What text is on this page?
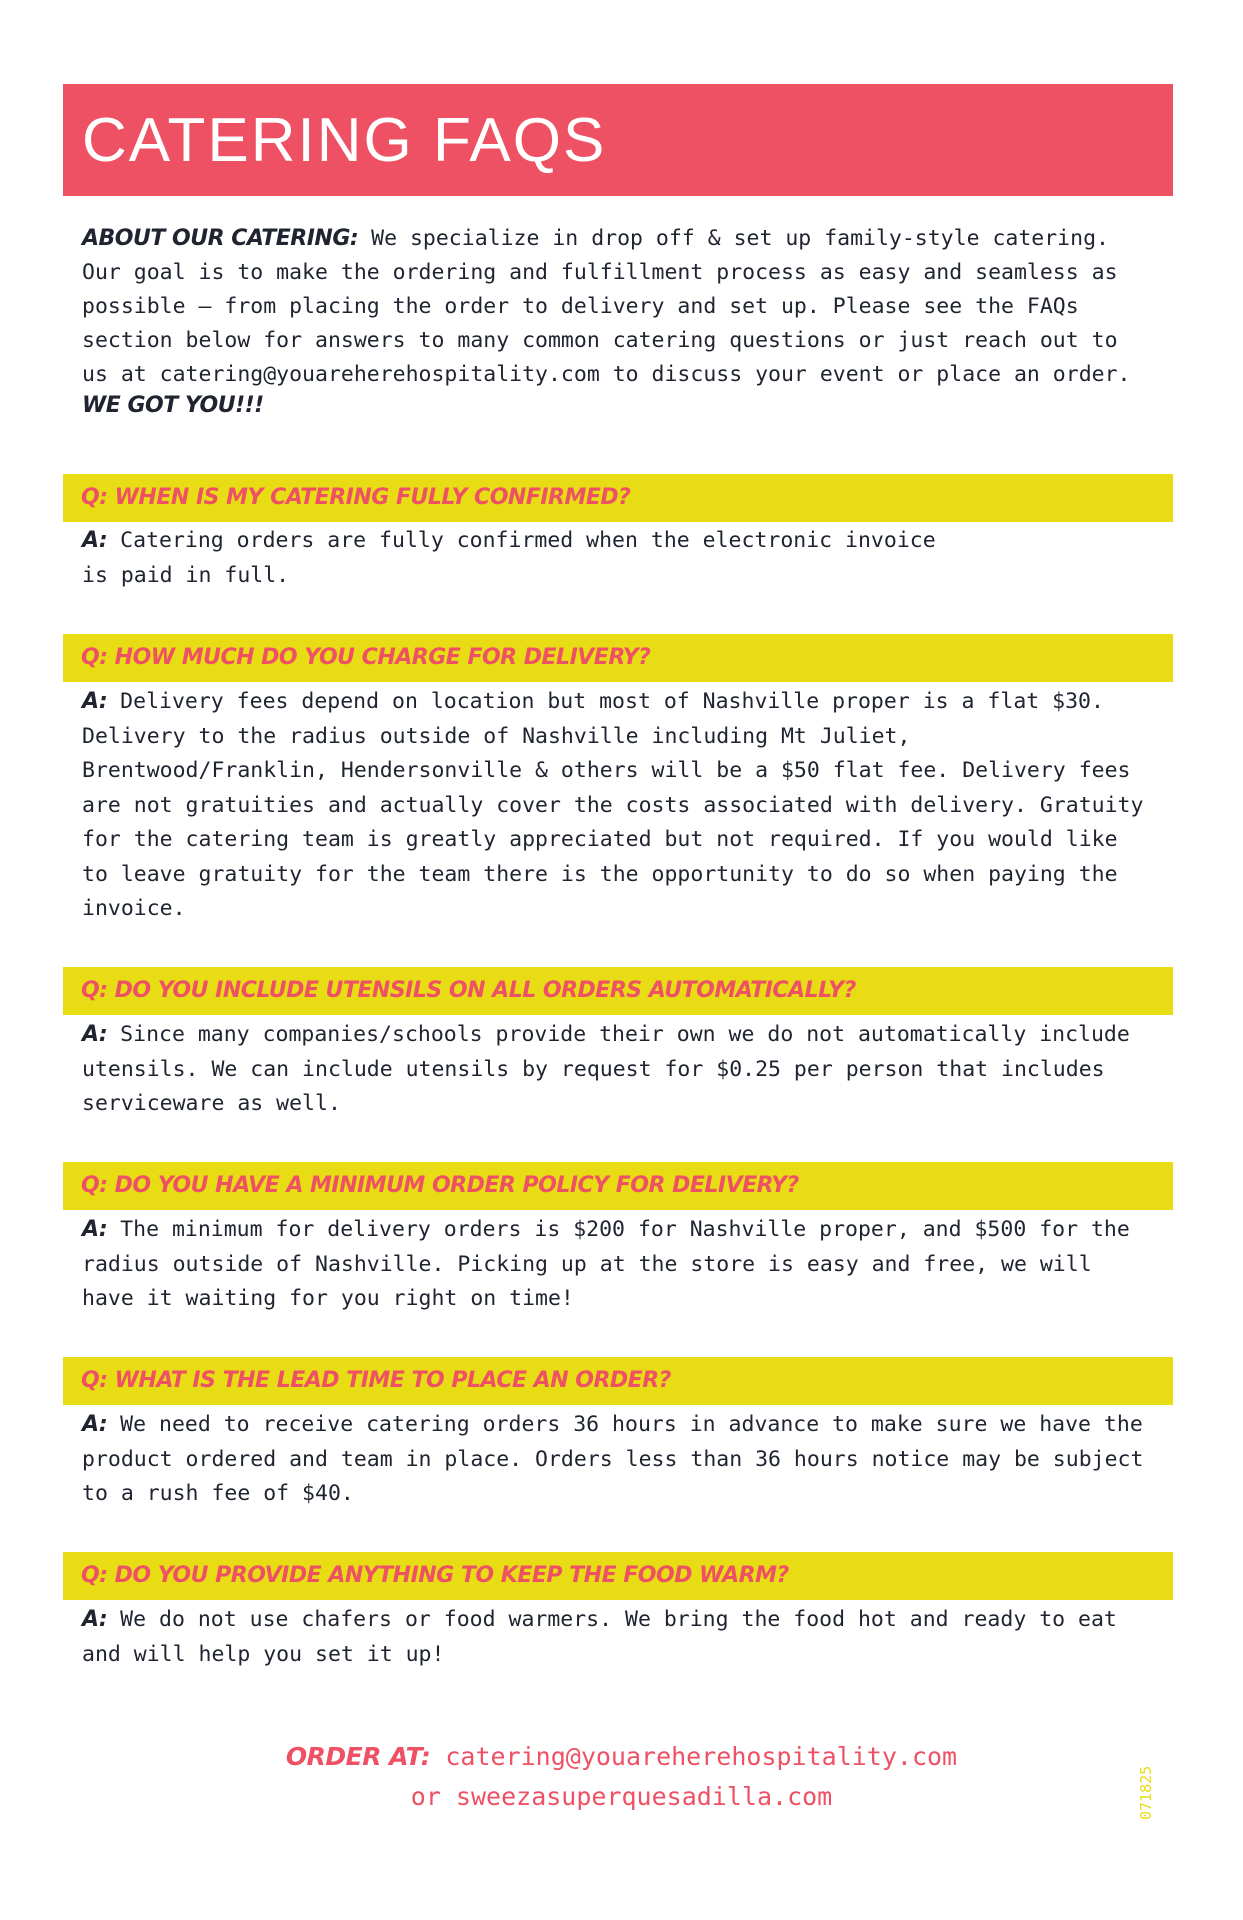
CATERING FAQS

ABOUT OUR CATERING: We specialize in drop off & set up family-style catering.
Our goal is to make the ordering and fulfillment process as easy and seamless as
possible – from placing the order to delivery and set up. Please see the FAQs
section below for answers to many common catering questions or just reach out to
us at catering@youareherehospitality.com to discuss your event or place an order.

WE GOT YOU!!!

Q: WHEN IS MY CATERING FULLY CONFIRMED?

A: Catering orders are fully confirmed when the electronic invoice
is paid in full.

Q: HOW MUCH DO YOU CHARGE FOR DELIVERY?

A: Delivery fees depend on location but most of Nashville proper is a flat $30.
Delivery to the radius outside of Nashville including Mt Juliet,
Brentwood/Franklin, Hendersonville & others will be a $50 flat fee. Delivery fees
are not gratuities and actually cover the costs associated with delivery. Gratuity
for the catering team is greatly appreciated but not required. If you would like
to leave gratuity for the team there is the opportunity to do so when paying the
invoice.

Q: DO YOU INCLUDE UTENSILS ON ALL ORDERS AUTOMATICALLY?

A: Since many companies/schools provide their own we do not automatically include
utensils. We can include utensils by request for $0.25 per person that includes
serviceware as well.

Q: DO YOU HAVE A MINIMUM ORDER POLICY FOR DELIVERY?

A: The minimum for delivery orders is $200 for Nashville proper, and $500 for the
radius outside of Nashville. Picking up at the store is easy and free, we will
have it waiting for you right on time!

Q: WHAT IS THE LEAD TIME TO PLACE AN ORDER?

A: We need to receive catering orders 36 hours in advance to make sure we have the
product ordered and team in place. Orders less than 36 hours notice may be subject
to a rush fee of $40.

Q: DO YOU PROVIDE ANYTHING TO KEEP THE FOOD WARM?

A: We do not use chafers or food warmers. We bring the food hot and ready to eat
and will help you set it up!

ORDER AT: catering@youareherehospitality.com
or sweezasuperquesadilla.com	071825
